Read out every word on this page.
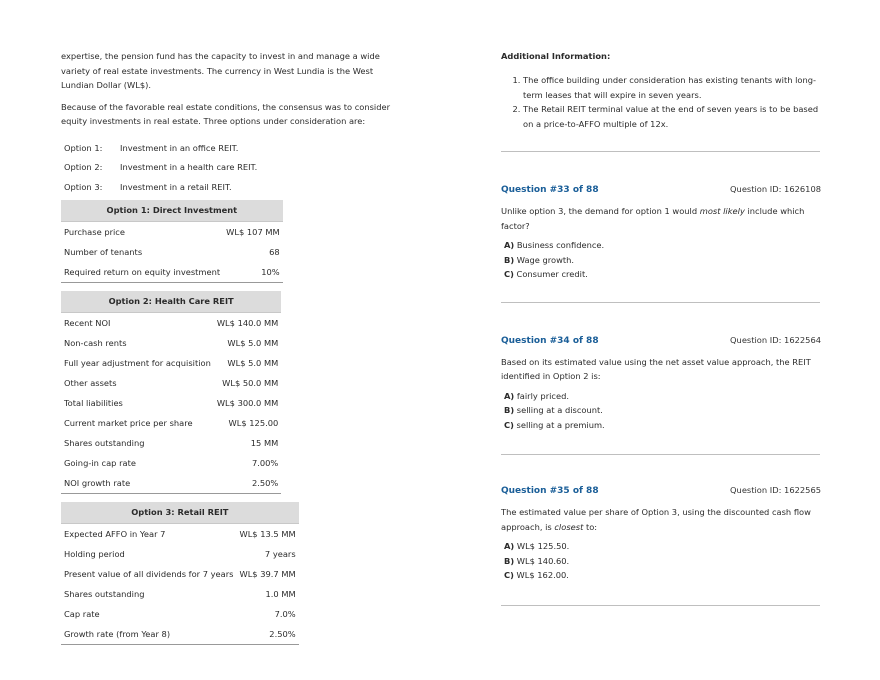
expertise, the pension fund has the capacity to invest in and manage a wide variety of real estate investments. The currency in West Lundia is the West Lundian Dollar (WL$).

Because of the favorable real estate conditions, the consensus was to consider equity investments in real estate. Three options under consideration are:

Option 1: Investment in an office REIT.
Option 2: Investment in a health care REIT.
Option 3: Investment in a retail REIT.
Option 1: Direct Investment	
Purchase price	WL$ 107 MM
Number of tenants	68
Required return on equity investment	10%
Option 2: Health Care REIT	
Recent NOI	WL$ 140.0 MM
Non-cash rents	WL$ 5.0 MM
Full year adjustment for acquisition	WL$ 5.0 MM
Other assets	WL$ 50.0 MM
Total liabilities	WL$ 300.0 MM
Current market price per share	WL$ 125.00
Shares outstanding	15 MM
Going-in cap rate	7.00%
NOI growth rate	2.50%
Option 3: Retail REIT	
Expected AFFO in Year 7	WL$ 13.5 MM
Holding period	7 years
Present value of all dividends for 7 years	WL$ 39.7 MM
Shares outstanding	1.0 MM
Cap rate	7.0%
Growth rate (from Year 8)	2.50%
Additional Information:
1. The office building under consideration has existing tenants with long-term leases that will expire in seven years.
2. The Retail REIT terminal value at the end of seven years is to be based on a price-to-AFFO multiple of 12x.
Question #33 of 88	Question ID: 1626108

Unlike option 3, the demand for option 1 would most likely include which factor?

A) Business confidence.
B) Wage growth.
C) Consumer credit.
Question #34 of 88	Question ID: 1622564

Based on its estimated value using the net asset value approach, the REIT identified in Option 2 is:

A) fairly priced.
B) selling at a discount.
C) selling at a premium.
Question #35 of 88	Question ID: 1622565

The estimated value per share of Option 3, using the discounted cash flow approach, is closest to:

A) WL$ 125.50.
B) WL$ 140.60.
C) WL$ 162.00.
